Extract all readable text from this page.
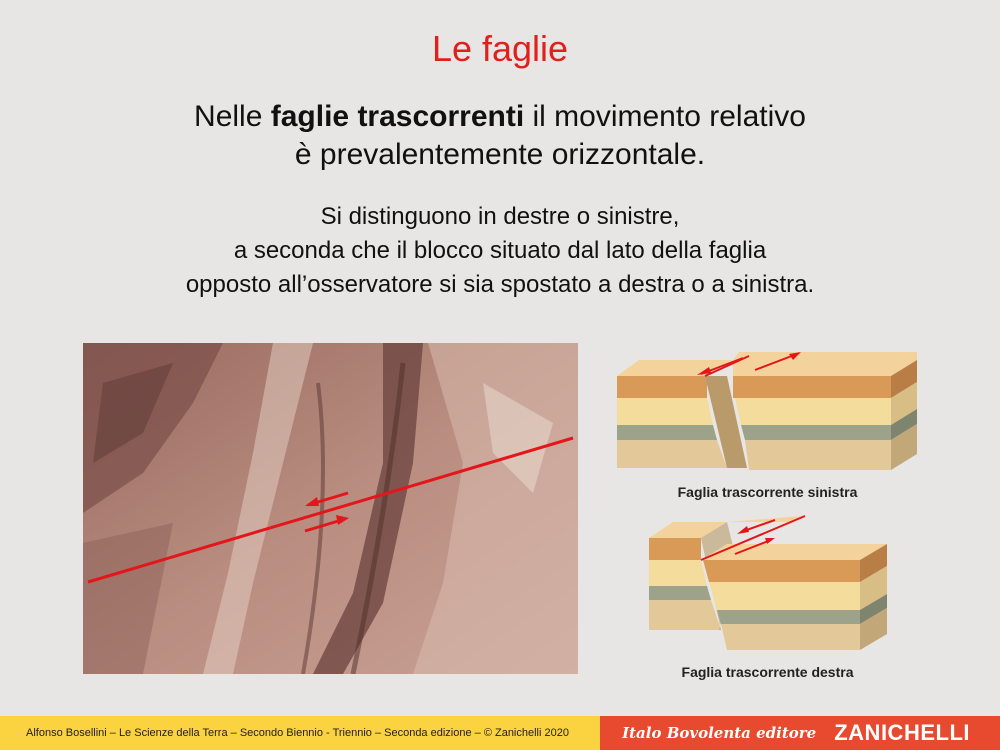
Le faglie
Nelle faglie trascorrenti il movimento relativo
è prevalentemente orizzontale.
Si distinguono in destre o sinistre,
a seconda che il blocco situato dal lato della faglia
opposto all’osservatore si sia spostato a destra o a sinistra.
Faglia trascorrente sinistra
Faglia trascorrente destra
Alfonso Bosellini – Le Scienze della Terra – Secondo Biennio - Triennio – Seconda edizione – © Zanichelli 2020	Italo Bovolenta editore ZANICHELLI
